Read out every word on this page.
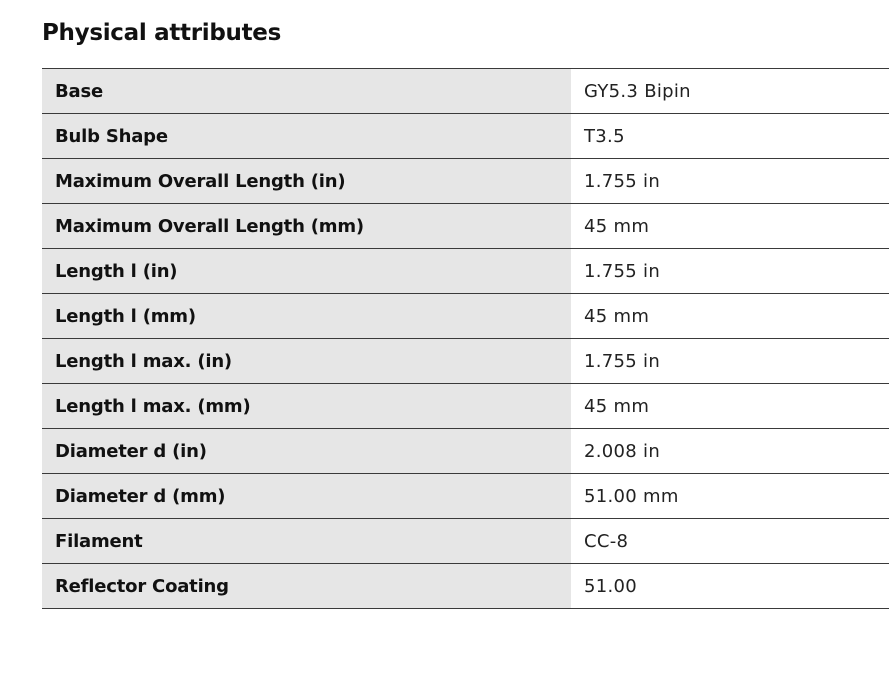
Physical attributes
Base	GY5.3 Bipin
Bulb Shape	T3.5
Maximum Overall Length (in)	1.755 in
Maximum Overall Length (mm)	45 mm
Length l (in)	1.755 in
Length l (mm)	45 mm
Length l max. (in)	1.755 in
Length l max. (mm)	45 mm
Diameter d (in)	2.008 in
Diameter d (mm)	51.00 mm
Filament	CC-8
Reflector Coating	51.00
